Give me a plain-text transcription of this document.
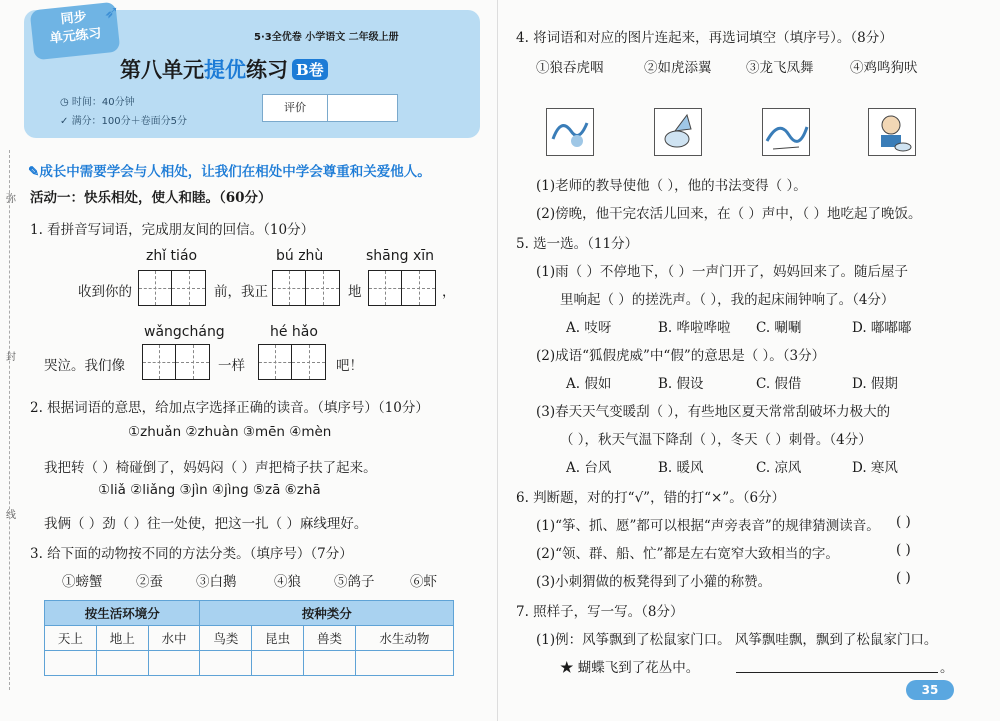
同步
单元练习
➶
5·3全优卷 小学语文 二年级上册
第八单元提优练习 B卷
◷ 时间：40分钟
✓ 满分：100分＋卷面分5分
评价
弥
封
线
✎成长中需要学会与人相处，让我们在相处中学会尊重和关爱他人。
活动一：快乐相处，使人和睦。（60分）
1. 看拼音写词语，完成朋友间的回信。（10分）
zhǐ tiáo	bú zhù	shāng xīn
收到你的	前，我正	地	，
wǎngcháng	hé hǎo
哭泣。我们像	一样	吧！
2. 根据词语的意思，给加点字选择正确的读音。（填序号）（10分）
①zhuǎn ②zhuàn ③mēn ④mèn
我把转（ ）椅碰倒了，妈妈闷（ ）声把椅子扶了起来。
①liǎ ②liǎng ③jìn ④jìng ⑤zā ⑥zhā
我俩（ ）劲（ ）往一处使，把这一扎（ ）麻线理好。
3. 给下面的动物按不同的方法分类。（填序号）（7分）
①螃蟹 ②蚕 ③白鹅	④狼 ⑤鸽子	⑥虾
按生活环境分			按种类分			
天上	地上	水中	鸟类	昆虫	兽类	水生动物

4. 将词语和对应的图片连起来，再选词填空（填序号）。（8分）
①狼吞虎咽	②如虎添翼	③龙飞凤舞	④鸡鸣狗吠
(1)老师的教导使他（ ），他的书法变得（ ）。
(2)傍晚，他干完农活儿回来，在（ ）声中，（ ）地吃起了晚饭。
5. 选一选。（11分）
(1)雨（ ）不停地下，（ ）一声门开了，妈妈回来了。随后屋子
里响起（ ）的搓洗声。（ ），我的起床闹钟响了。（4分）
A. 吱呀	B. 哗啦哗啦 C. 唰唰	D. 嘟嘟嘟
(2)成语“狐假虎威”中“假”的意思是（ ）。（3分）
A. 假如	B. 假设	C. 假借	D. 假期
(3)春天天气变暖刮（ ），有些地区夏天常常刮破坏力极大的
（ ），秋天气温下降刮（ ），冬天（ ）刺骨。（4分）
A. 台风	B. 暖风	C. 凉风	D. 寒风
6. 判断题，对的打“√”，错的打“×”。（6分）
(1)“筝、抓、愿”都可以根据“声旁表音”的规律猜测读音。 ( )
(2)“领、群、船、忙”都是左右宽窄大致相当的字。	( )
(3)小刺猬做的板凳得到了小獾的称赞。	( )
7. 照样子，写一写。（8分）
(1)例：风筝飘到了松鼠家门口。 风筝飘哇飘，飘到了松鼠家门口。
★ 蝴蝶飞到了花丛中。	。
35
